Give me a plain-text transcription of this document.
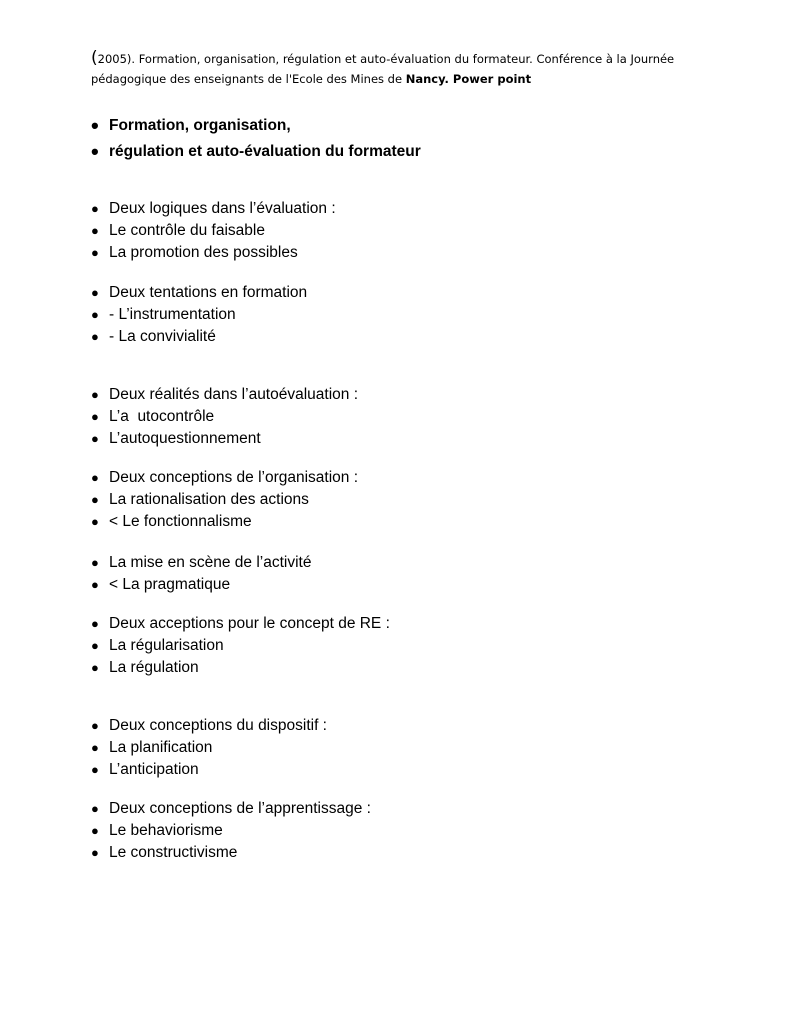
(2005). Formation, organisation, régulation et auto-évaluation du formateur. Conférence à la Journée
pédagogique des enseignants de l'Ecole des Mines de Nancy. Power point
• Formation, organisation,
• régulation et auto-évaluation du formateur
● Deux logiques dans l’évaluation :
● Le contrôle du faisable
● La promotion des possibles
● Deux tentations en formation
● - L’instrumentation
● - La convivialité
● Deux réalités dans l’autoévaluation :
● L’a  utocontrôle
● L’autoquestionnement
● Deux conceptions de l’organisation :
● La rationalisation des actions
● < Le fonctionnalisme
● La mise en scène de l’activité
● < La pragmatique
● Deux acceptions pour le concept de RE :
● La régularisation
● La régulation
● Deux conceptions du dispositif :
● La planification
● L’anticipation
● Deux conceptions de l’apprentissage :
● Le behaviorisme
● Le constructivisme
